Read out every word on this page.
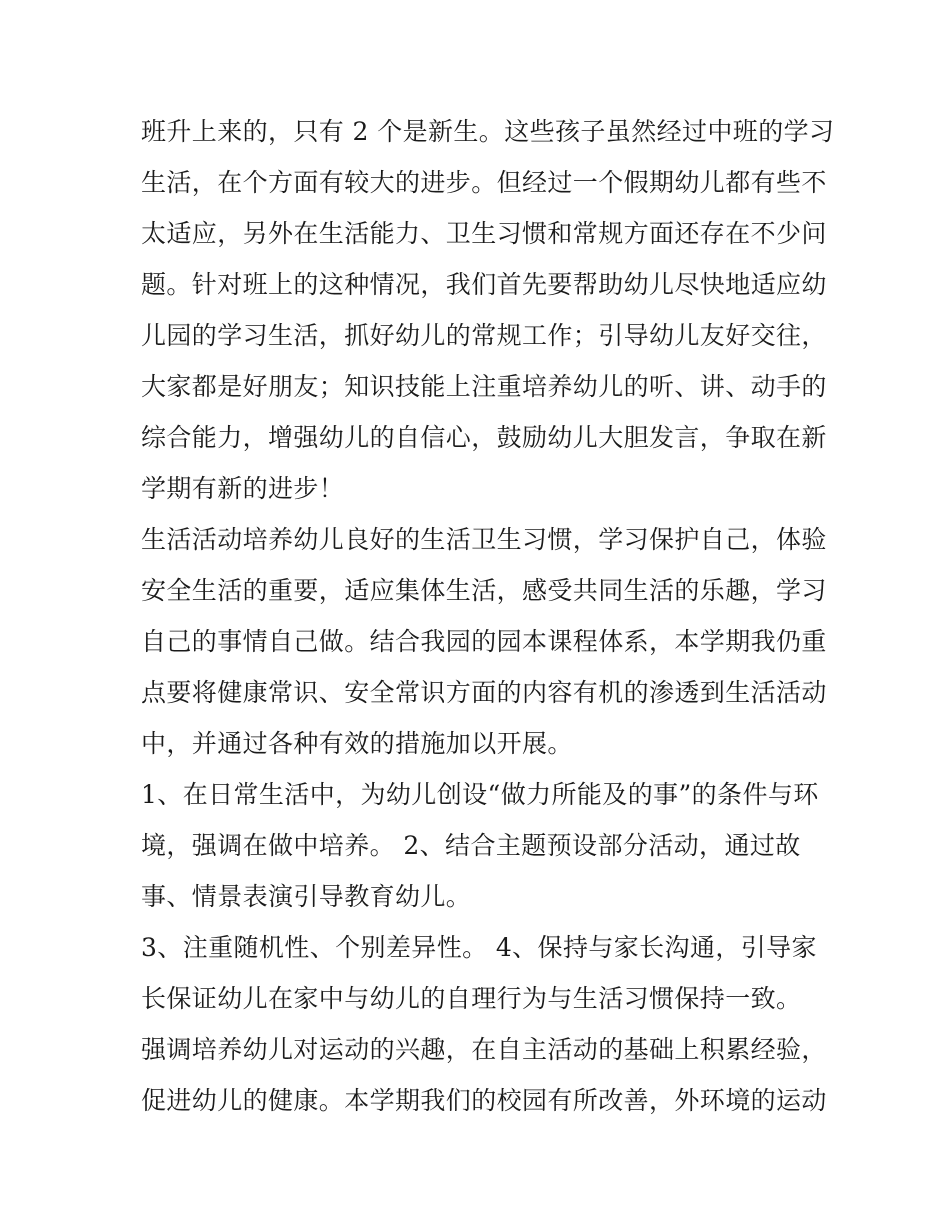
班升上来的，只有 2 个是新生。这些孩子虽然经过中班的学习
生活，在个方面有较大的进步。但经过一个假期幼儿都有些不
太适应，另外在生活能力、卫生习惯和常规方面还存在不少问
题。针对班上的这种情况，我们首先要帮助幼儿尽快地适应幼
儿园的学习生活，抓好幼儿的常规工作；引导幼儿友好交往，
大家都是好朋友；知识技能上注重培养幼儿的听、讲、动手的
综合能力，增强幼儿的自信心，鼓励幼儿大胆发言，争取在新
学期有新的进步！
生活活动培养幼儿良好的生活卫生习惯，学习保护自己，体验
安全生活的重要，适应集体生活，感受共同生活的乐趣，学习
自己的事情自己做。结合我园的园本课程体系，本学期我仍重
点要将健康常识、安全常识方面的内容有机的渗透到生活活动
中，并通过各种有效的措施加以开展。
1、在日常生活中，为幼儿创设“做力所能及的事”的条件与环
境，强调在做中培养。 2、结合主题预设部分活动，通过故
事、情景表演引导教育幼儿。
3、注重随机性、个别差异性。 4、保持与家长沟通，引导家
长保证幼儿在家中与幼儿的自理行为与生活习惯保持一致。
强调培养幼儿对运动的兴趣，在自主活动的基础上积累经验，
促进幼儿的健康。本学期我们的校园有所改善，外环境的运动
